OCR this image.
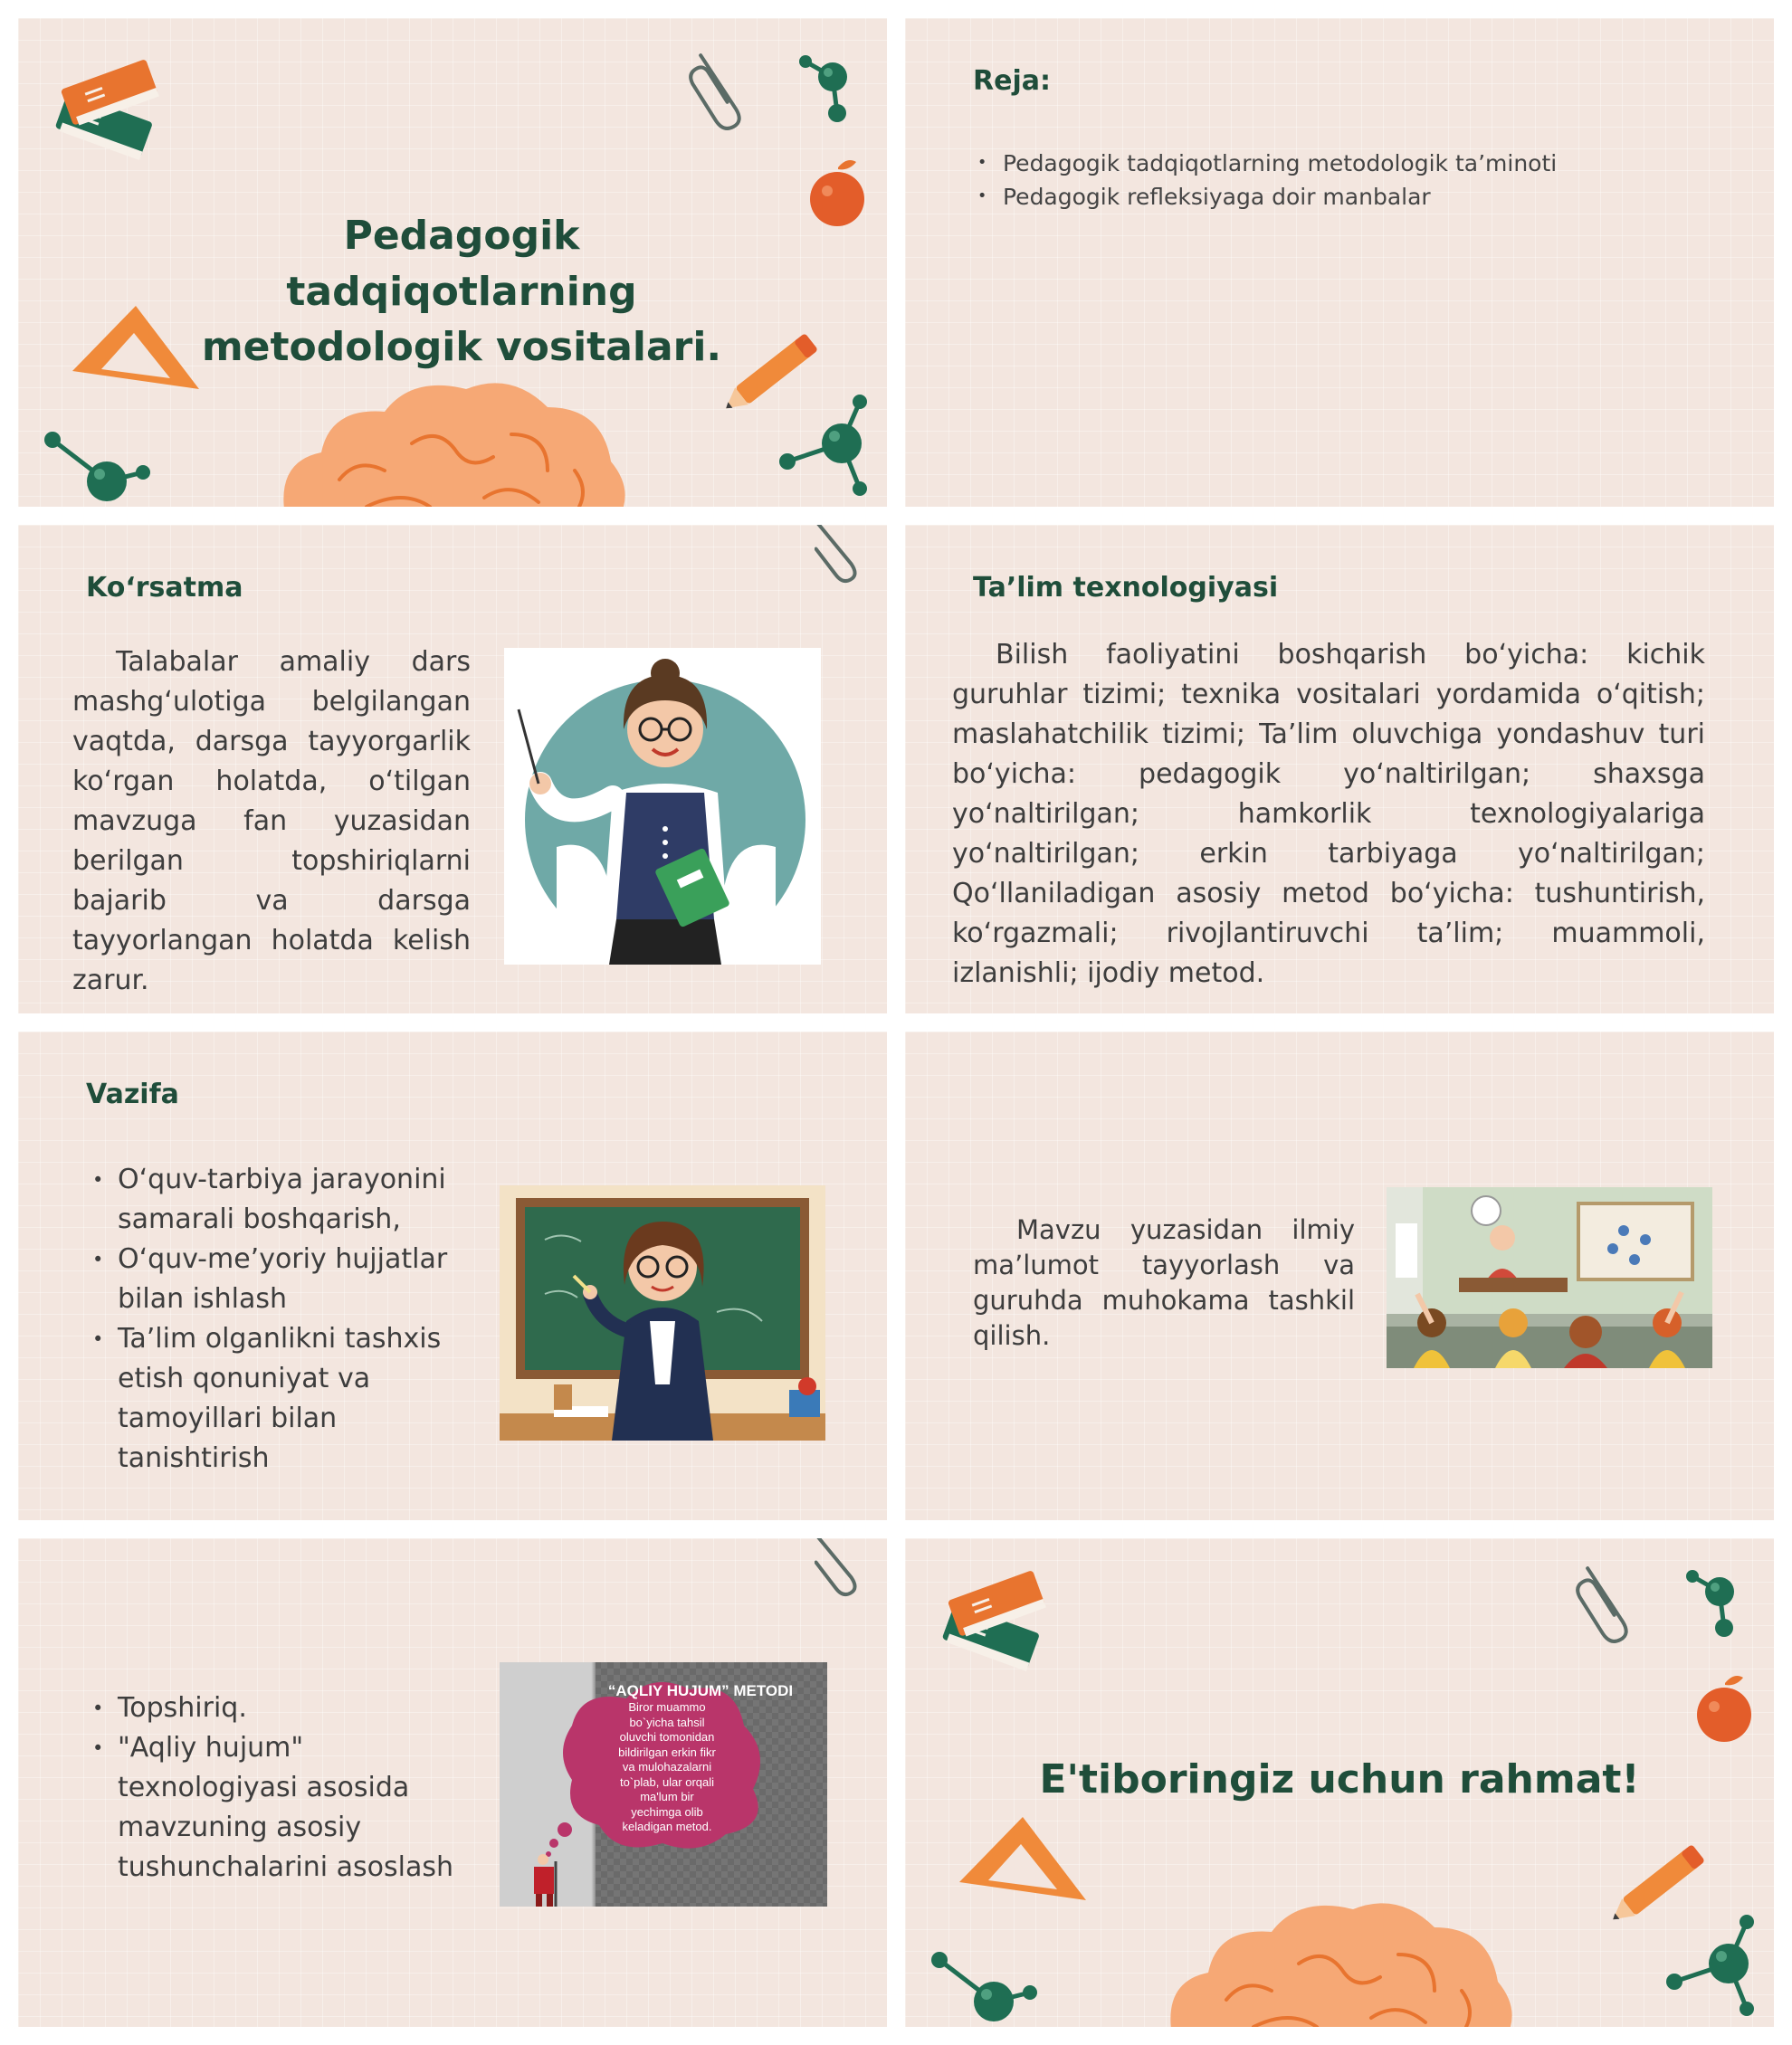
Pedagogik tadqiqotlarning metodologik vositalari.
Reja:
• Pedagogik tadqiqotlarning metodologik ta’minoti
• Pedagogik refleksiyaga doir manbalar
Ko‘rsatma
Talabalar amaliy dars mashg‘ulotiga belgilangan vaqtda, darsga tayyorgarlik ko‘rgan holatda, o‘tilgan mavzuga fan yuzasidan berilgan topshiriqlarni bajarib va darsga tayyorlangan holatda kelish zarur.
Ta’lim texnologiyasi
Bilish faoliyatini boshqarish bo‘yicha: kichik guruhlar tizimi; texnika vositalari yordamida o‘qitish; maslahatchilik tizimi; Ta’lim oluvchiga yondashuv turi bo‘yicha: pedagogik yo‘naltirilgan; shaxsga yo‘naltirilgan; hamkorlik texnologiyalariga yo‘naltirilgan; erkin tarbiyaga yo‘naltirilgan; Qo‘llaniladigan asosiy metod bo‘yicha: tushuntirish, ko‘rgazmali; rivojlantiruvchi ta’lim; muammoli, izlanishli; ijodiy metod.
Vazifa
• O‘quv-tarbiya jarayonini samarali boshqarish,
• O‘quv-me’yoriy hujjatlar bilan ishlash
• Ta’lim olganlikni tashxis etish qonuniyat va tamoyillari bilan tanishtirish
Mavzu yuzasidan ilmiy ma’lumot tayyorlash va guruhda muhokama tashkil qilish.
• Topshiriq.
• "Aqliy hujum" texnologiyasi asosida mavzuning asosiy tushunchalarini asoslash
“AQLIY HUJUM” METODI
Biror muammo
bo`yicha tahsil
oluvchi tomonidan
bildirilgan erkin fikr
va mulohazalarni
to`plab, ular orqali
ma'lum bir
yechimga olib
keladigan metod.
E'tiboringiz uchun rahmat!
